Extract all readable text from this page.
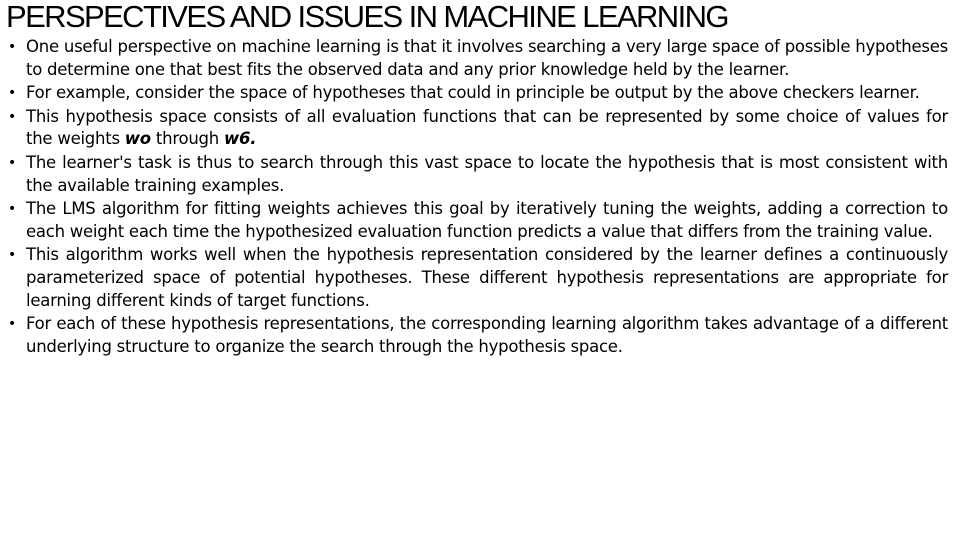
PERSPECTIVES AND ISSUES IN MACHINE LEARNING
• One useful perspective on machine learning is that it involves searching a very large space of possible hypotheses to determine one that best fits the observed data and any prior knowledge held by the learner.
• For example, consider the space of hypotheses that could in principle be output by the above checkers learner.
• This hypothesis space consists of all evaluation functions that can be represented by some choice of values for the weights wo through w6.
• The learner's task is thus to search through this vast space to locate the hypothesis that is most consistent with the available training examples.
• The LMS algorithm for fitting weights achieves this goal by iteratively tuning the weights, adding a correction to each weight each time the hypothesized evaluation function predicts a value that differs from the training value.
• This algorithm works well when the hypothesis representation considered by the learner defines a continuously parameterized space of potential hypotheses. These different hypothesis representations are appropriate for learning different kinds of target functions.
• For each of these hypothesis representations, the corresponding learning algorithm takes advantage of a different underlying structure to organize the search through the hypothesis space.
